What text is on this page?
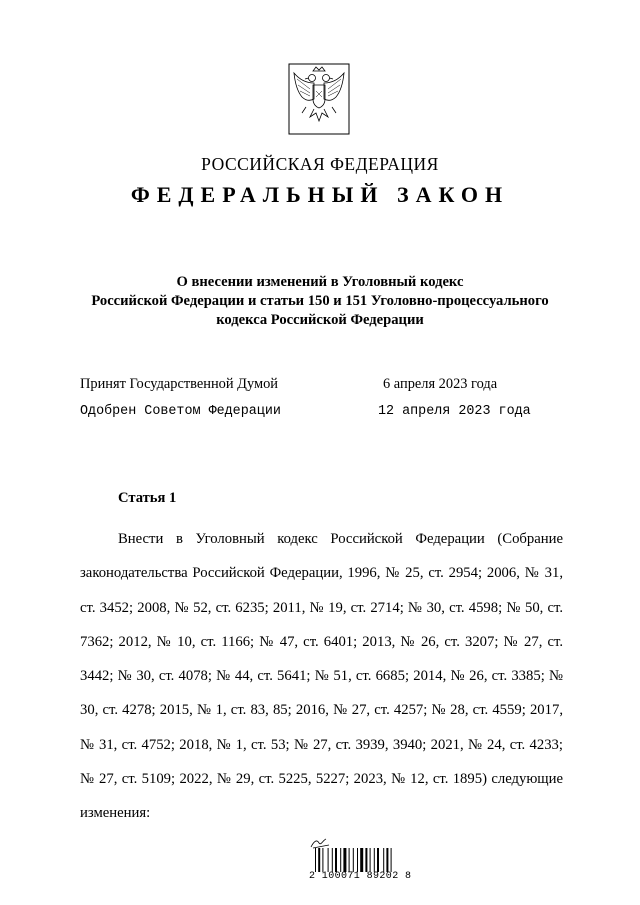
РОССИЙСКАЯ ФЕДЕРАЦИЯ
ФЕДЕРАЛЬНЫЙ ЗАКОН
О внесении изменений в Уголовный кодекс
Российской Федерации и статьи 150 и 151 Уголовно-процессуального
кодекса Российской Федерации
Принят Государственной Думой	6 апреля 2023 года
Одобрен Советом Федерации	12 апреля 2023 года
Статья 1

Внести в Уголовный кодекс Российской Федерации (Собрание законодательства Российской Федерации, 1996, № 25, ст. 2954; 2006, № 31, ст. 3452; 2008, № 52, ст. 6235; 2011, № 19, ст. 2714; № 30, ст. 4598; № 50, ст. 7362; 2012, № 10, ст. 1166; № 47, ст. 6401; 2013, № 26, ст. 3207; № 27, ст. 3442; № 30, ст. 4078; № 44, ст. 5641; № 51, ст. 6685; 2014, № 26, ст. 3385; № 30, ст. 4278; 2015, № 1, ст. 83, 85; 2016, № 27, ст. 4257; № 28, ст. 4559; 2017, № 31, ст. 4752; 2018, № 1, ст. 53; № 27, ст. 3939, 3940; 2021, № 24, ст. 4233; № 27, ст. 5109; 2022, № 29, ст. 5225, 5227; 2023, № 12, ст. 1895) следующие изменения:

2 100071 89202 8
